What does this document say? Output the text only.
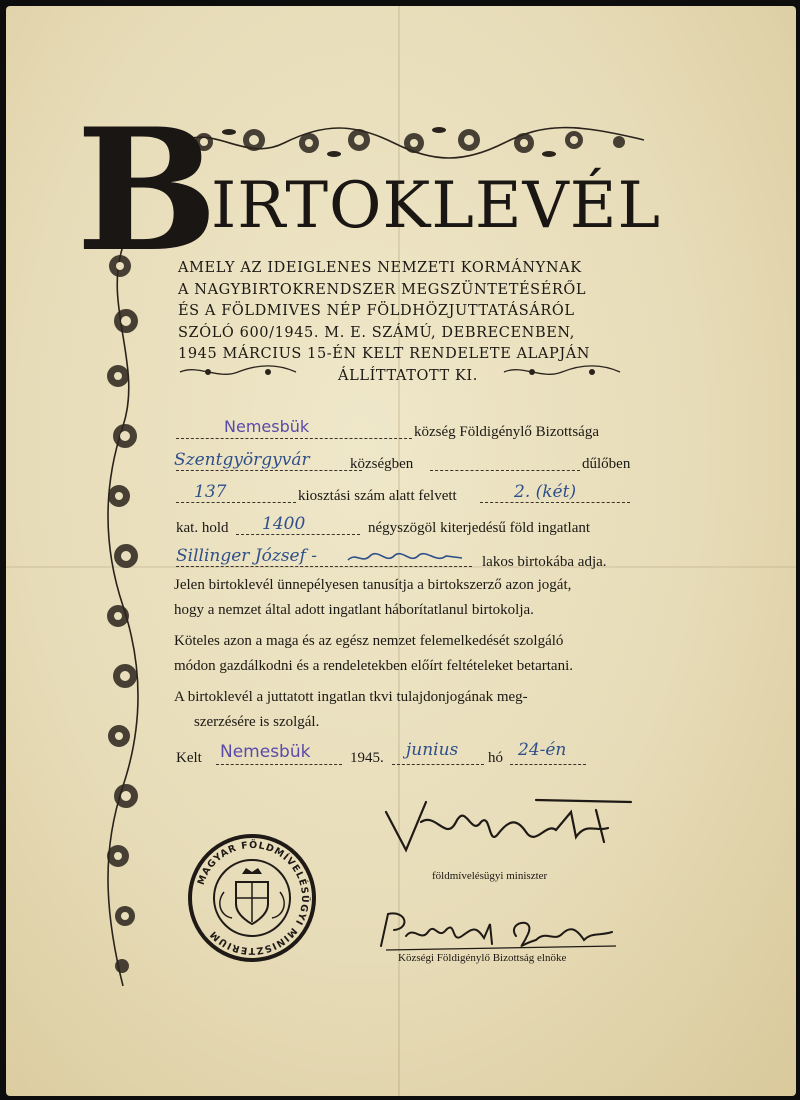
B
IRTOKLEVÉL
AMELY AZ IDEIGLENES NEMZETI KORMÁNYNAK
A NAGYBIRTOKRENDSZER MEGSZÜNTETÉSÉRŐL
ÉS A FÖLDMIVES NÉP FÖLDHÖZJUTTATÁSÁRÓL
SZÓLÓ 600/1945. M. E. SZÁMÚ, DEBRECENBEN,
1945 MÁRCIUS 15-ÉN KELT RENDELETE ALAPJÁN
ÁLLÍTTATOTT KI.
Nemesbük	község Földigénylő Bizottsága
Szentgyörgyvár	községben	dűlőben
137	kiosztási szám alatt felvett	2. (két)
kat. hold 1400	négyszögöl kiterjedésű föld ingatlant
Sillinger József -	lakos birtokába adja.
Jelen birtoklevél ünnepélyesen tanusítja a birtokszerző azon jogát,
hogy a nemzet által adott ingatlant háborítatlanul birtokolja.
Köteles azon a maga és az egész nemzet felemelkedését szolgáló
módon gazdálkodni és a rendeletekben előírt feltételeket betartani.
A birtoklevél a juttatott ingatlan tkvi tulajdonjogának meg-
szerzésére is szolgál.
Kelt Nemesbük	1945. junius hó 24-én
földmívelésügyi miniszter
Községi Földigénylő Bizottság elnöke
MAGYAR FÖLDMÍVELÉSÜGYI MINISZTERIUM
